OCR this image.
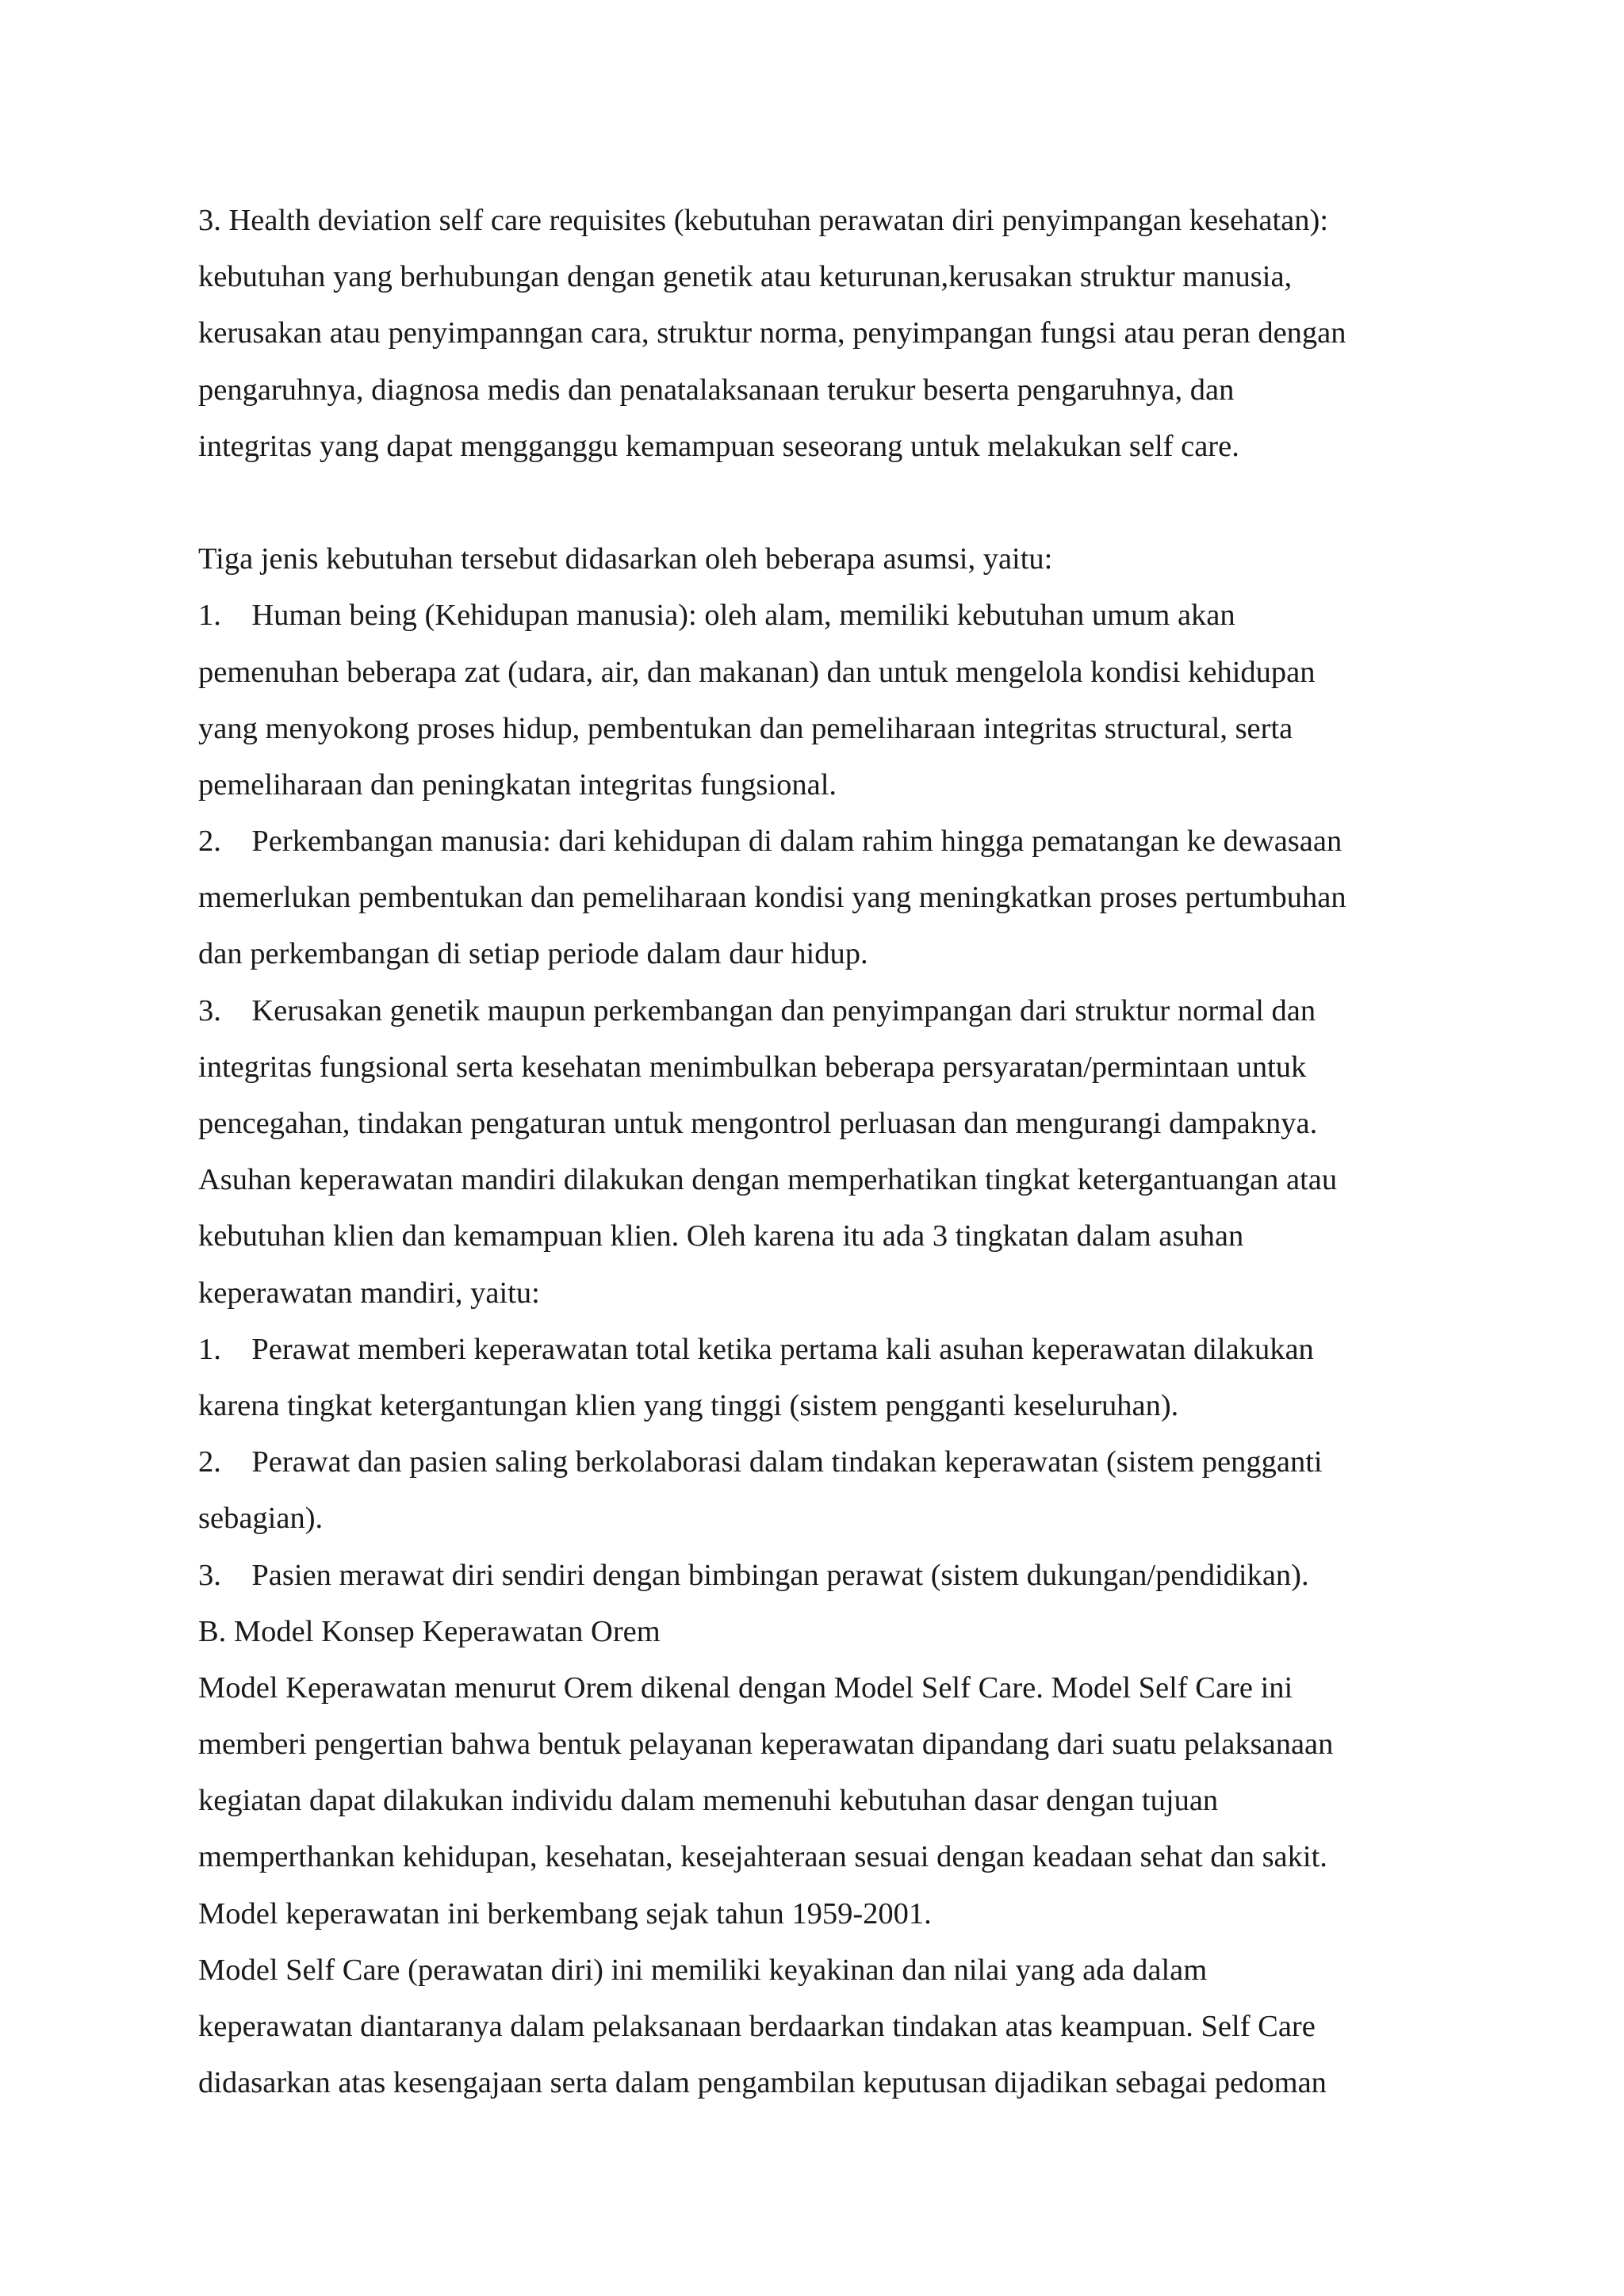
3. Health deviation self care requisites (kebutuhan perawatan diri penyimpangan kesehatan):
kebutuhan yang berhubungan dengan genetik atau keturunan,kerusakan struktur manusia,
kerusakan atau penyimpanngan cara, struktur norma, penyimpangan fungsi atau peran dengan
pengaruhnya, diagnosa medis dan penatalaksanaan terukur beserta pengaruhnya, dan
integritas yang dapat mengganggu kemampuan seseorang untuk melakukan self care.
Tiga jenis kebutuhan tersebut didasarkan oleh beberapa asumsi, yaitu:
1.    Human being (Kehidupan manusia): oleh alam, memiliki kebutuhan umum akan
pemenuhan beberapa zat (udara, air, dan makanan) dan untuk mengelola kondisi kehidupan
yang menyokong proses hidup, pembentukan dan pemeliharaan integritas structural, serta
pemeliharaan dan peningkatan integritas fungsional.
2.    Perkembangan manusia: dari kehidupan di dalam rahim hingga pematangan ke dewasaan
memerlukan pembentukan dan pemeliharaan kondisi yang meningkatkan proses pertumbuhan
dan perkembangan di setiap periode dalam daur hidup.
3.    Kerusakan genetik maupun perkembangan dan penyimpangan dari struktur normal dan
integritas fungsional serta kesehatan menimbulkan beberapa persyaratan/permintaan untuk
pencegahan, tindakan pengaturan untuk mengontrol perluasan dan mengurangi dampaknya.
Asuhan keperawatan mandiri dilakukan dengan memperhatikan tingkat ketergantuangan atau
kebutuhan klien dan kemampuan klien. Oleh karena itu ada 3 tingkatan dalam asuhan
keperawatan mandiri, yaitu:
1.    Perawat memberi keperawatan total ketika pertama kali asuhan keperawatan dilakukan
karena tingkat ketergantungan klien yang tinggi (sistem pengganti keseluruhan).
2.    Perawat dan pasien saling berkolaborasi dalam tindakan keperawatan (sistem pengganti
sebagian).
3.    Pasien merawat diri sendiri dengan bimbingan perawat (sistem dukungan/pendidikan).
B. Model Konsep Keperawatan Orem
Model Keperawatan menurut Orem dikenal dengan Model Self Care. Model Self Care ini
memberi pengertian bahwa bentuk pelayanan keperawatan dipandang dari suatu pelaksanaan
kegiatan dapat dilakukan individu dalam memenuhi kebutuhan dasar dengan tujuan
memperthankan kehidupan, kesehatan, kesejahteraan sesuai dengan keadaan sehat dan sakit.
Model keperawatan ini berkembang sejak tahun 1959-2001.
Model Self Care (perawatan diri) ini memiliki keyakinan dan nilai yang ada dalam
keperawatan diantaranya dalam pelaksanaan berdaarkan tindakan atas keampuan. Self Care
didasarkan atas kesengajaan serta dalam pengambilan keputusan dijadikan sebagai pedoman
